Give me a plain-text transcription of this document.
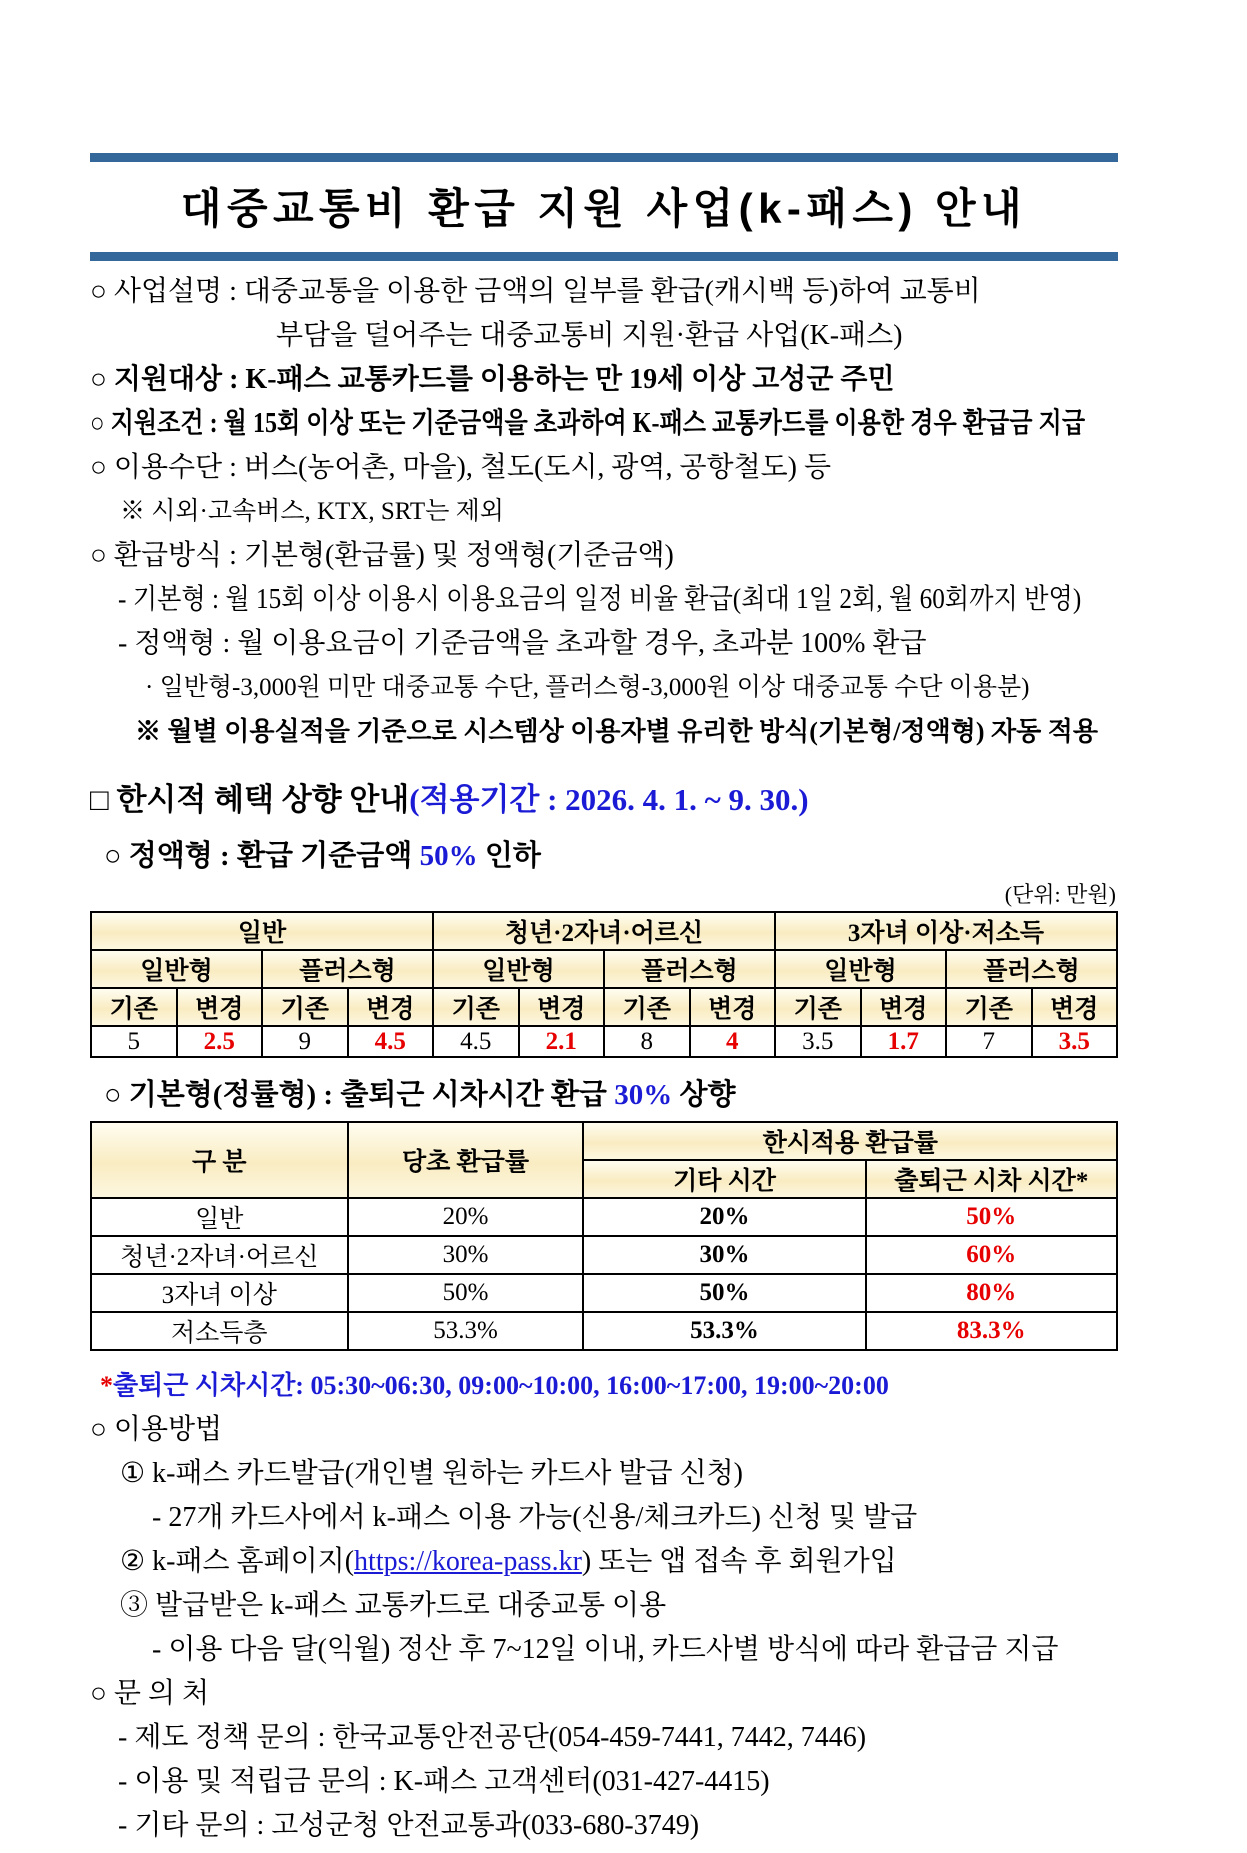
대중교통비 환급 지원 사업(k-패스) 안내
○ 사업설명 : 대중교통을 이용한 금액의 일부를 환급(캐시백 등)하여 교통비
부담을 덜어주는 대중교통비 지원·환급 사업(K-패스)
○ 지원대상 : K-패스 교통카드를 이용하는 만 19세 이상 고성군 주민
○ 지원조건 : 월 15회 이상 또는 기준금액을 초과하여 K-패스 교통카드를 이용한 경우 환급금 지급
○ 이용수단 : 버스(농어촌, 마을), 철도(도시, 광역, 공항철도) 등
※ 시외·고속버스, KTX, SRT는 제외
○ 환급방식 : 기본형(환급률) 및 정액형(기준금액)
- 기본형 : 월 15회 이상 이용시 이용요금의 일정 비율 환급(최대 1일 2회, 월 60회까지 반영)
- 정액형 : 월 이용요금이 기준금액을 초과할 경우, 초과분 100% 환급
· 일반형-3,000원 미만 대중교통 수단, 플러스형-3,000원 이상 대중교통 수단 이용분)
※ 월별 이용실적을 기준으로 시스템상 이용자별 유리한 방식(기본형/정액형) 자동 적용
□ 한시적 혜택 상향 안내(적용기간 : 2026. 4. 1. ~ 9. 30.)
○ 정액형 : 환급 기준금액 50% 인하
(단위: 만원)
일반				청년·2자녀·어르신				3자녀 이상·저소득			
일반형		플러스형		일반형		플러스형		일반형		플러스형	
기존	변경	기존	변경	기존	변경	기존	변경	기존	변경	기존	변경
5	2.5	9	4.5	4.5	2.1	8	4	3.5	1.7	7	3.5
○ 기본형(정률형) : 출퇴근 시차시간 환급 30% 상향
구 분	당초 환급률	한시적용 환급률	
		기타 시간	출퇴근 시차 시간*
일반	20%	20%	50%
청년·2자녀·어르신	30%	30%	60%
3자녀 이상	50%	50%	80%
저소득층	53.3%	53.3%	83.3%
*출퇴근 시차시간: 05:30~06:30, 09:00~10:00, 16:00~17:00, 19:00~20:00
○ 이용방법
① k-패스 카드발급(개인별 원하는 카드사 발급 신청)
- 27개 카드사에서 k-패스 이용 가능(신용/체크카드) 신청 및 발급
② k-패스 홈페이지(https://korea-pass.kr) 또는 앱 접속 후 회원가입
③ 발급받은 k-패스 교통카드로 대중교통 이용
- 이용 다음 달(익월) 정산 후 7~12일 이내, 카드사별 방식에 따라 환급금 지급
○ 문 의 처
- 제도 정책 문의 : 한국교통안전공단(054-459-7441, 7442, 7446)
- 이용 및 적립금 문의 : K-패스 고객센터(031-427-4415)
- 기타 문의 : 고성군청 안전교통과(033-680-3749)
